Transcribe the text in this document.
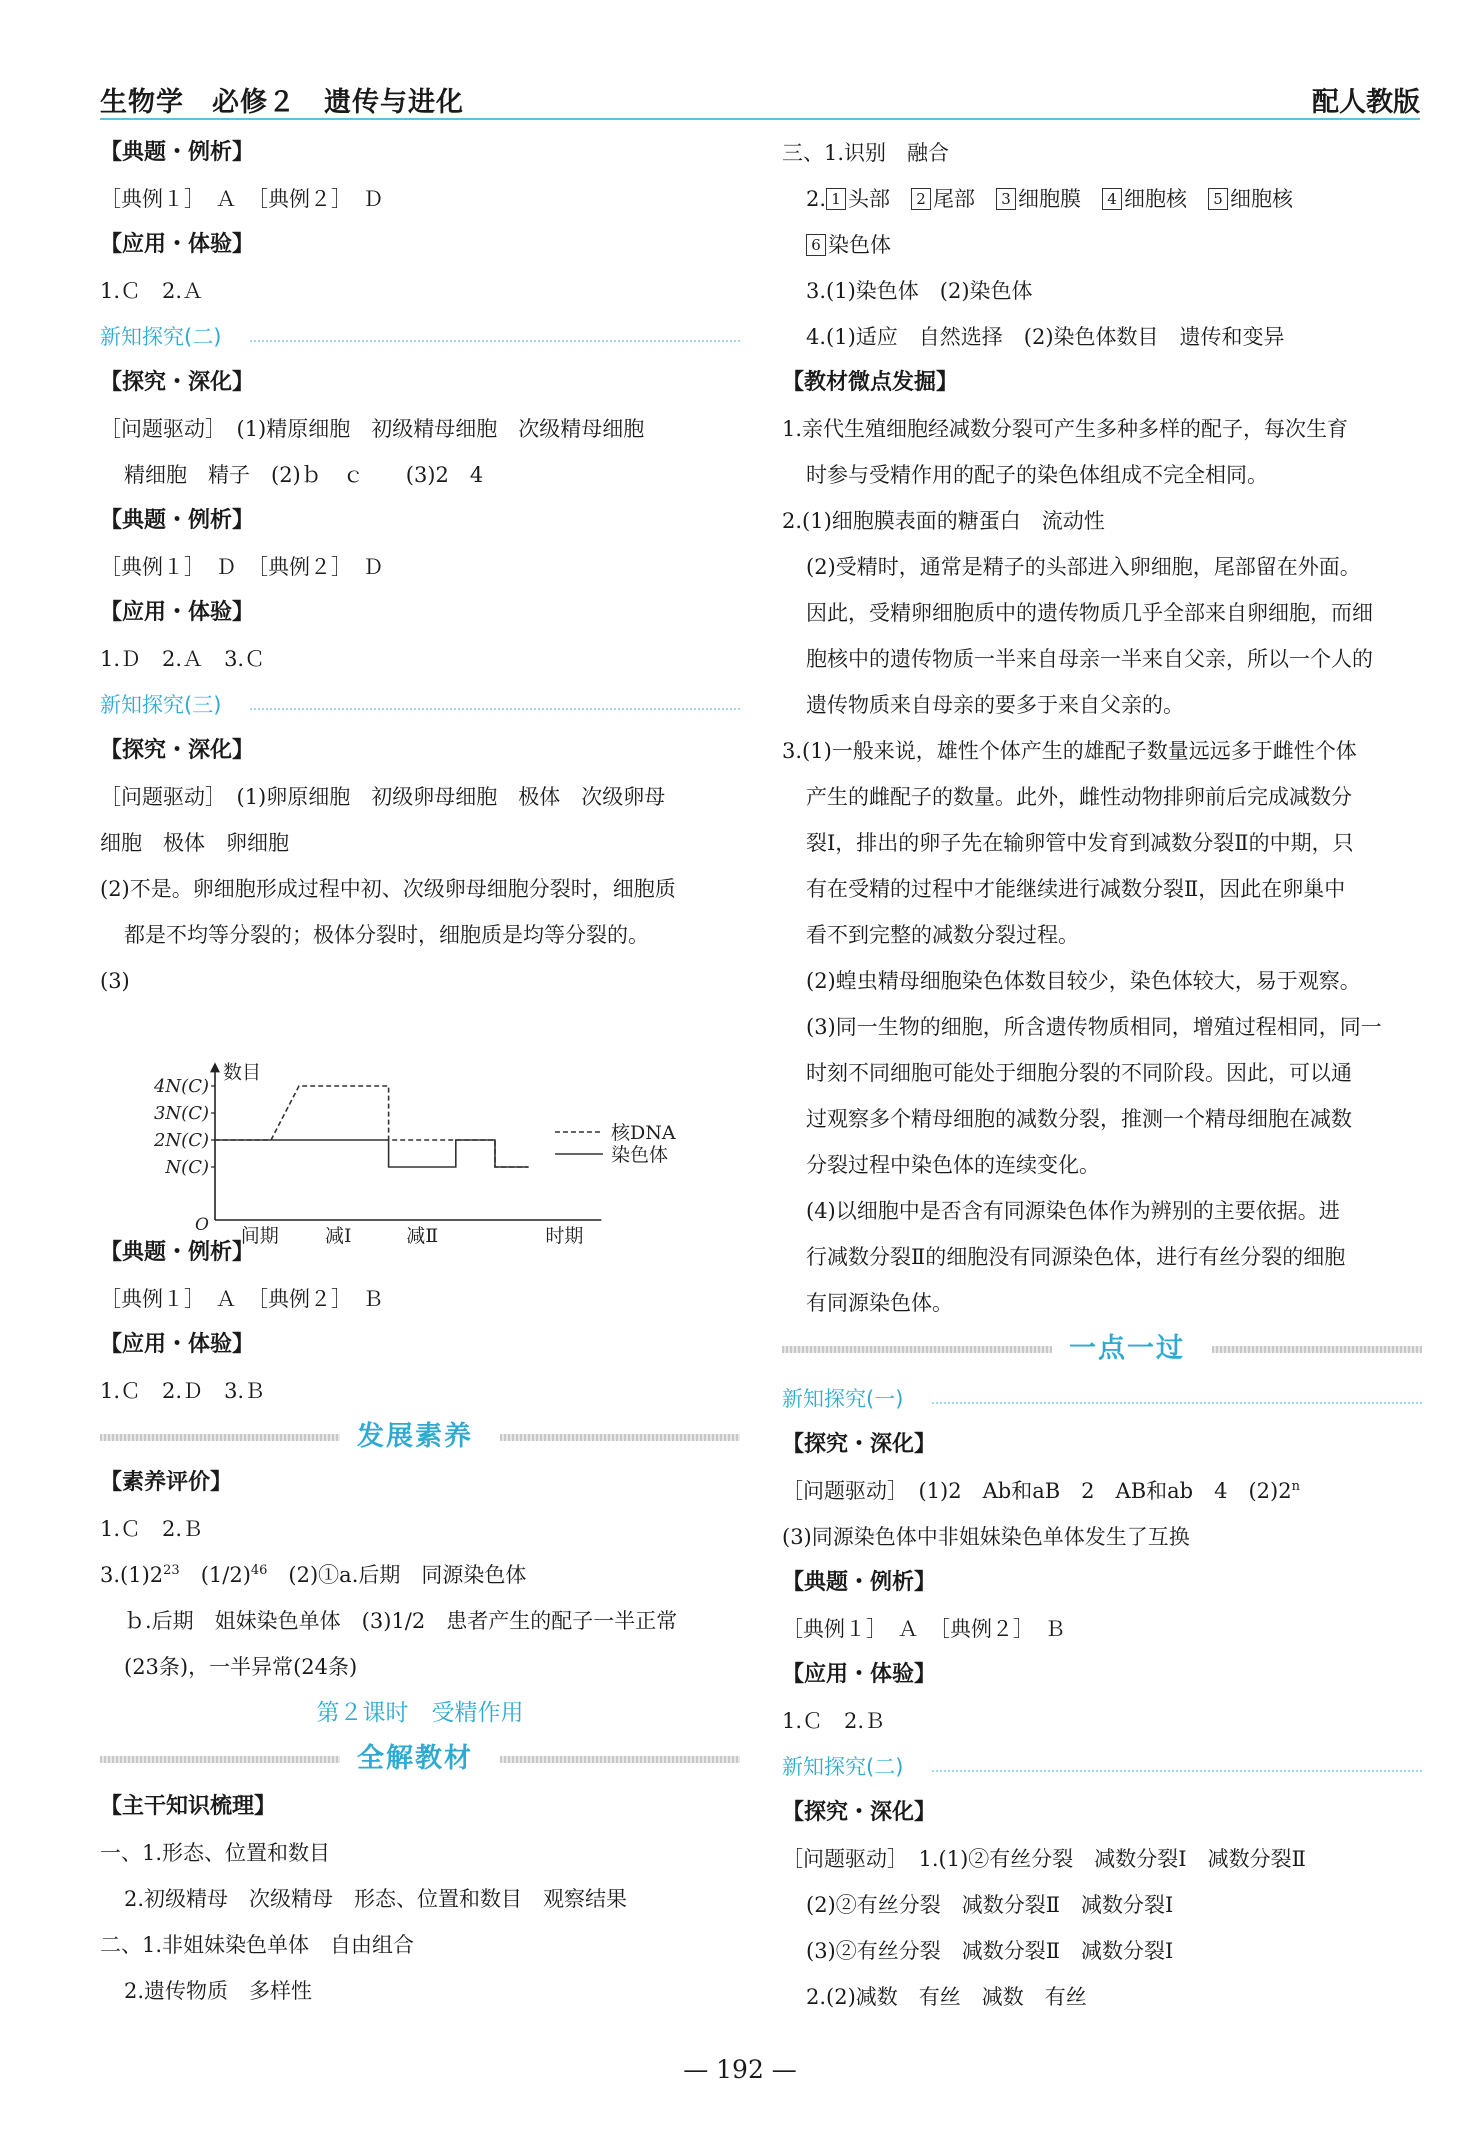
生物学　必修２　遗传与进化	配人教版
【典题・例析】
［典例１］　Ａ　［典例２］　Ｄ
【应用・体验】
1.Ｃ　2.Ａ
新知探究(二)
【探究・深化】
［问题驱动］　(1)精原细胞　初级精母细胞　次级精母细胞
精细胞　精子　(2)ｂ　ｃ　　(3)2　4
【典题・例析】
［典例１］　Ｄ　［典例２］　Ｄ
【应用・体验】
1.Ｄ　2.Ａ　3.Ｃ
新知探究(三)
【探究・深化】
［问题驱动］　(1)卵原细胞　初级卵母细胞　极体　次级卵母
细胞　极体　卵细胞
(2)不是。卵细胞形成过程中初、次级卵母细胞分裂时，细胞质
都是不均等分裂的；极体分裂时，细胞质是均等分裂的。
(3)
数目
O
4N(C)
3N(C)
2N(C)
N(C)
间期 减Ⅰ	减Ⅱ	时期
核DNA
染色体
【典题・例析】
［典例１］　Ａ　［典例２］　Ｂ
【应用・体验】
1.Ｃ　2.Ｄ　3.Ｂ
发展素养
【素养评价】
1.Ｃ　2.Ｂ
$3.(1)2^{23}$　$(1/2)^{46}$　(2)①a.后期　同源染色体
ｂ.后期　姐妹染色单体　(3)1/2　患者产生的配子一半正常
(23条)，一半异常(24条)
第２课时　受精作用
全解教材
【主干知识梳理】
一、1.形态、位置和数目
2.初级精母　次级精母　形态、位置和数目　观察结果
二、1.非姐妹染色单体　自由组合
2.遗传物质　多样性
三、1.识别　融合
2. 1 头部　 2 尾部　 3 细胞膜　 4 细胞核　 5 细胞核
6 染色体
3.(1)染色体　(2)染色体
4.(1)适应　自然选择　(2)染色体数目　遗传和变异
【教材微点发掘】
1.亲代生殖细胞经减数分裂可产生多种多样的配子，每次生育
时参与受精作用的配子的染色体组成不完全相同。
2.(1)细胞膜表面的糖蛋白　流动性
(2)受精时，通常是精子的头部进入卵细胞，尾部留在外面。
因此，受精卵细胞质中的遗传物质几乎全部来自卵细胞，而细
胞核中的遗传物质一半来自母亲一半来自父亲，所以一个人的
遗传物质来自母亲的要多于来自父亲的。
3.(1)一般来说，雄性个体产生的雄配子数量远远多于雌性个体
产生的雌配子的数量。此外，雌性动物排卵前后完成减数分
裂Ⅰ，排出的卵子先在输卵管中发育到减数分裂Ⅱ的中期，只
有在受精的过程中才能继续进行减数分裂Ⅱ，因此在卵巢中
看不到完整的减数分裂过程。
(2)蝗虫精母细胞染色体数目较少，染色体较大，易于观察。
(3)同一生物的细胞，所含遗传物质相同，增殖过程相同，同一
时刻不同细胞可能处于细胞分裂的不同阶段。因此，可以通
过观察多个精母细胞的减数分裂，推测一个精母细胞在减数
分裂过程中染色体的连续变化。
(4)以细胞中是否含有同源染色体作为辨别的主要依据。进
行减数分裂Ⅱ的细胞没有同源染色体，进行有丝分裂的细胞
有同源染色体。
一点一过
新知探究(一)
【探究・深化】
［问题驱动］　(1)2　Ab和aB　2　AB和ab　4　(2)2$^n$
(3)同源染色体中非姐妹染色单体发生了互换
【典题・例析】
［典例１］　Ａ　［典例２］　Ｂ
【应用・体验】
1.Ｃ　2.Ｂ
新知探究(二)
【探究・深化】
［问题驱动］　1.(1)②有丝分裂　减数分裂Ⅰ　减数分裂Ⅱ
(2)②有丝分裂　减数分裂Ⅱ　减数分裂Ⅰ
(3)②有丝分裂　减数分裂Ⅱ　减数分裂Ⅰ
2.(2)减数　有丝　减数　有丝
— 192 —
